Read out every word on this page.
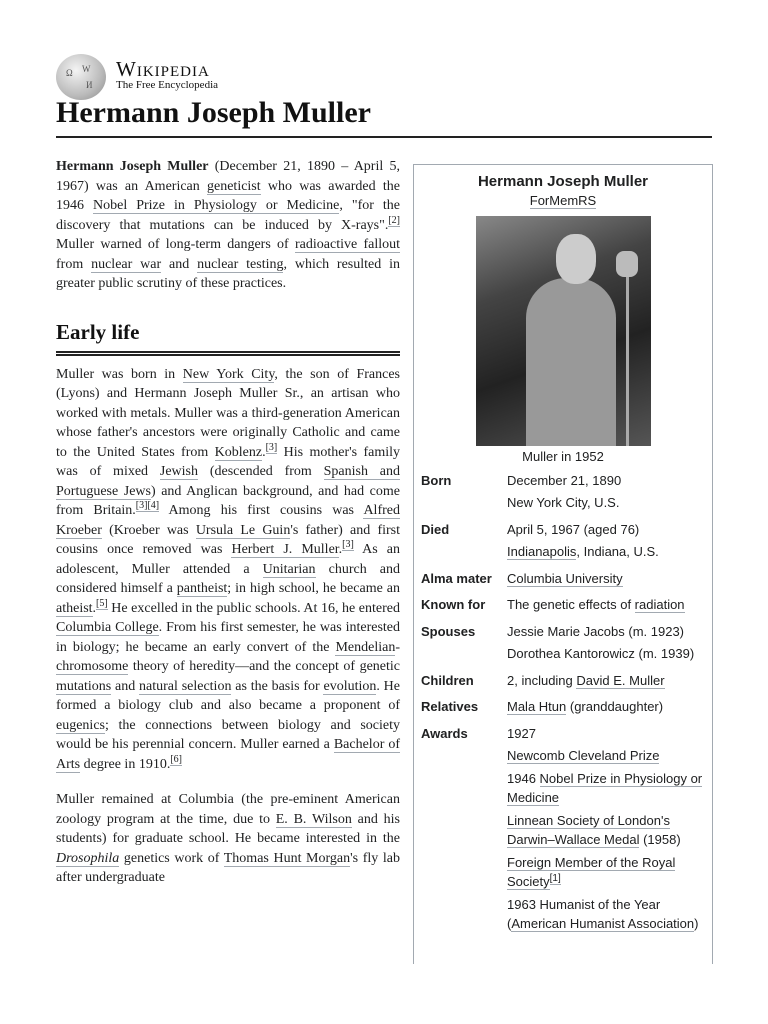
Ω W
И
Wikipedia
The Free Encyclopedia
Hermann Joseph Muller

Hermann Joseph Muller (December 21, 1890 – April 5, 1967) was an American geneticist who was awarded the 1946 Nobel Prize in Physiology or Medicine, "for the discovery that mutations can be induced by X-rays".[2] Muller warned of long-term dangers of radioactive fallout from nuclear war and nuclear testing, which resulted in greater public scrutiny of these practices.

Early life

Muller was born in New York City, the son of Frances (Lyons) and Hermann Joseph Muller Sr., an artisan who worked with metals. Muller was a third-generation American whose father's ancestors were originally Catholic and came to the United States from Koblenz.[3] His mother's family was of mixed Jewish (descended from Spanish and Portuguese Jews) and Anglican background, and had come from Britain.[3][4] Among his first cousins was Alfred Kroeber (Kroeber was Ursula Le Guin's father) and first cousins once removed was Herbert J. Muller.[3] As an adolescent, Muller attended a Unitarian church and considered himself a pantheist; in high school, he became an atheist.[5] He excelled in the public schools. At 16, he entered Columbia College. From his first semester, he was interested in biology; he became an early convert of the Mendelian-chromosome theory of heredity—and the concept of genetic mutations and natural selection as the basis for evolution. He formed a biology club and also became a proponent of eugenics; the connections between biology and society would be his perennial concern. Muller earned a Bachelor of Arts degree in 1910.[6]

Muller remained at Columbia (the pre-eminent American zoology program at the time, due to E. B. Wilson and his students) for graduate school. He became interested in the Drosophila genetics work of Thomas Hunt Morgan's fly lab after undergraduate

Hermann Joseph Muller
ForMemRS
Muller in 1952
Born	December 21, 1890
New York City, U.S.
Died	April 5, 1967 (aged 76)
Indianapolis, Indiana, U.S.
Alma mater	Columbia University
Known for	The genetic effects of radiation
Spouses	Jessie Marie Jacobs (m. 1923)
Dorothea Kantorowicz (m. 1939)
Children	2, including David E. Muller
Relatives	Mala Htun (granddaughter)
Awards	1927
Newcomb Cleveland Prize
1946 Nobel Prize in Physiology or Medicine
Linnean Society of London's Darwin–Wallace Medal (1958)
Foreign Member of the Royal Society[1]
1963 Humanist of the Year (American Humanist Association)
